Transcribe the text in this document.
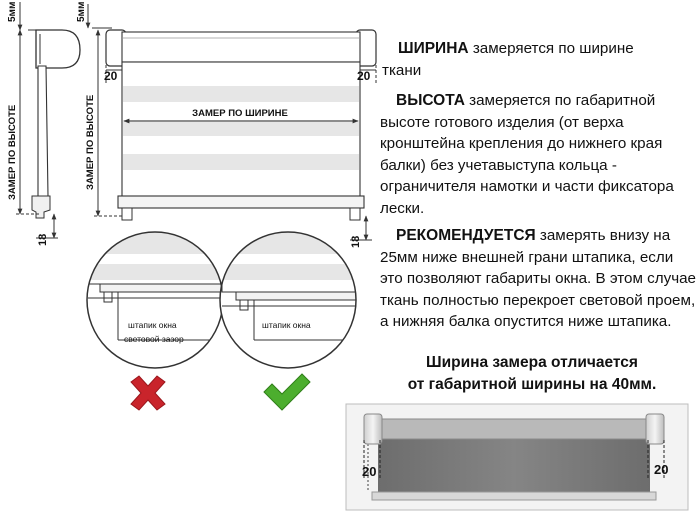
5мм
ЗАМЕР ПО ВЫСОТЕ
18
5мм
20	20
ЗАМЕР ПО ШИРИНЕ
ЗАМЕР ПО ВЫСОТЕ
18
штапик окна
световой зазор
штапик окна
20	20
ШИРИНА замеряется по ширине
ткани
ВЫСОТА замеряется по габаритной высоте готового изделия (от верха кронштейна крепления до нижнего края балки) без учетавыступа кольца - ограничителя намотки и части фиксатора лески.
РЕКОМЕНДУЕТСЯ замерять внизу на 25мм ниже внешней грани штапика, если это позволяют габариты окна. В этом случае ткань полностью перекроет световой проем, а нижняя балка опустится ниже штапика.
Ширина замера отличается
от габаритной ширины на 40мм.
